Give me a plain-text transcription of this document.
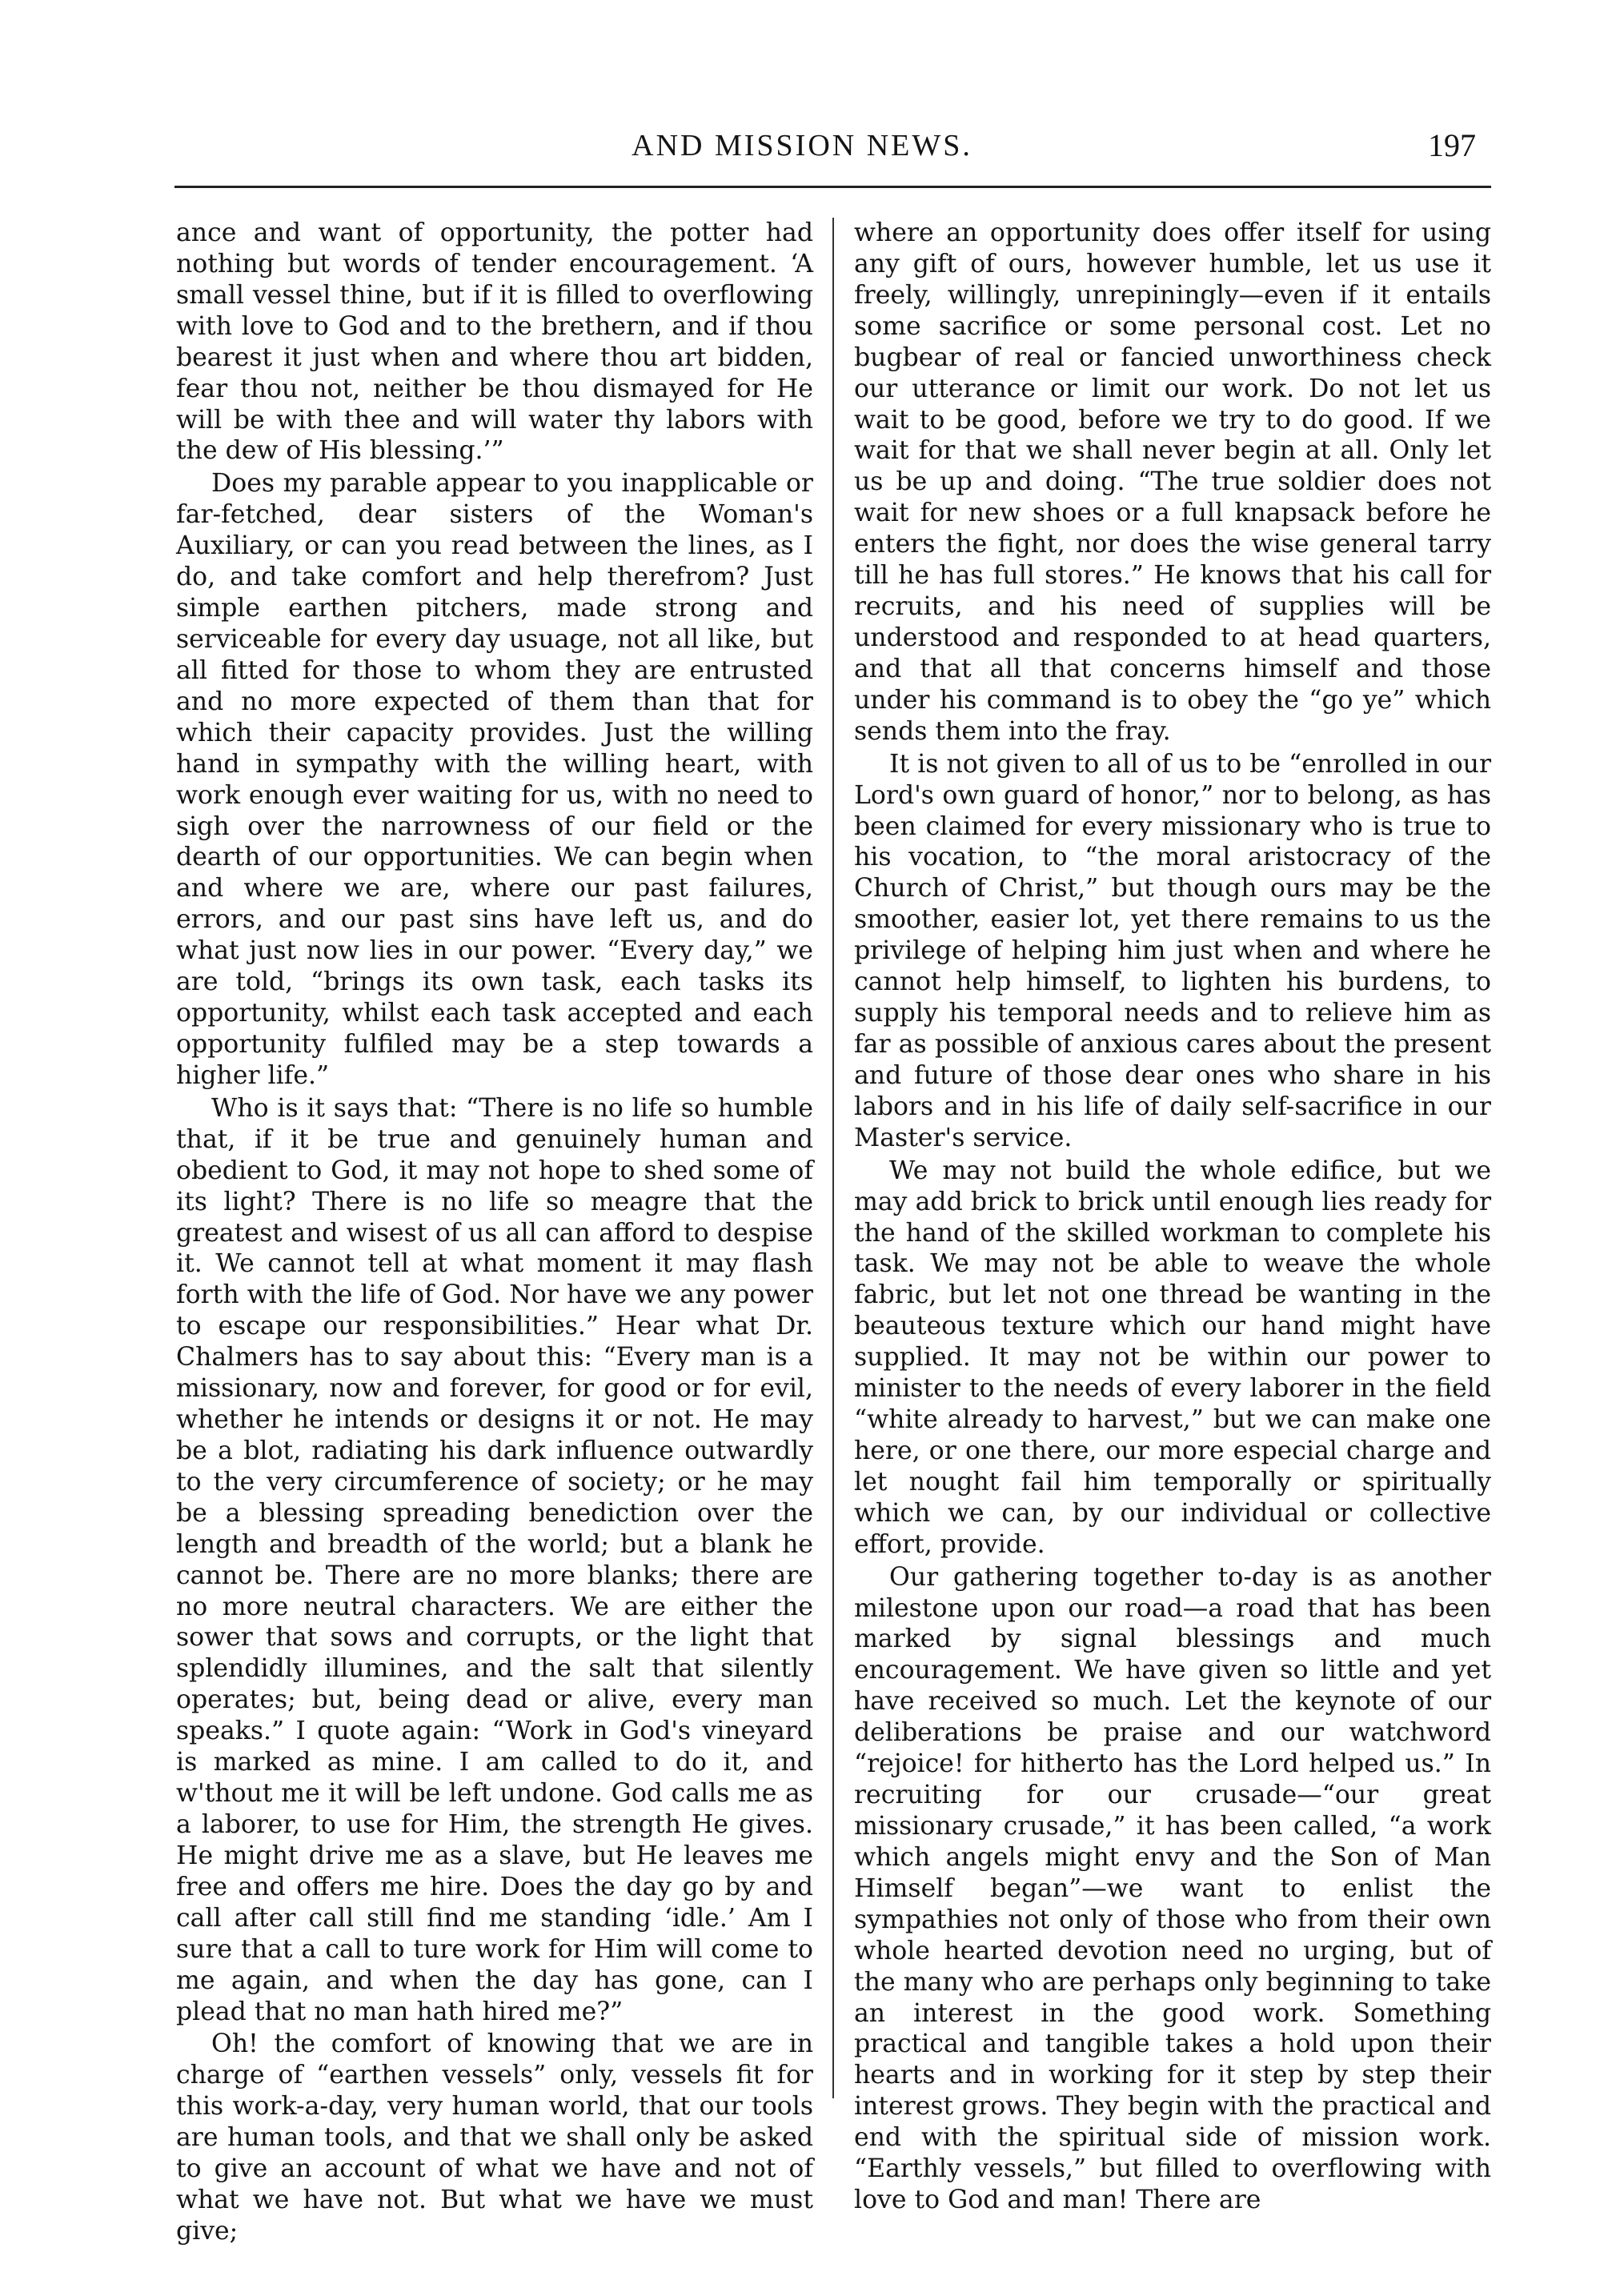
AND MISSION NEWS.	197

ance and want of opportunity, the potter had nothing but words of tender encouragement. ‘A small vessel thine, but if it is filled to overflowing with love to God and to the brethern, and if thou bearest it just when and where thou art bidden, fear thou not, neither be thou dismayed for He will be with thee and will water thy labors with the dew of His blessing.’”

Does my parable appear to you inapplicable or far-fetched, dear sisters of the Woman's Auxiliary, or can you read between the lines, as I do, and take comfort and help therefrom? Just simple earthen pitchers, made strong and serviceable for every day usuage, not all like, but all fitted for those to whom they are entrusted and no more expected of them than that for which their capacity provides. Just the willing hand in sympathy with the willing heart, with work enough ever waiting for us, with no need to sigh over the narrowness of our field or the dearth of our opportunities. We can begin when and where we are, where our past failures, errors, and our past sins have left us, and do what just now lies in our power. “Every day,” we are told, “brings its own task, each tasks its opportunity, whilst each task accepted and each opportunity fulfiled may be a step towards a higher life.”

Who is it says that: “There is no life so humble that, if it be true and genuinely human and obedient to God, it may not hope to shed some of its light? There is no life so meagre that the greatest and wisest of us all can afford to despise it. We cannot tell at what moment it may flash forth with the life of God. Nor have we any power to escape our responsibilities.” Hear what Dr. Chalmers has to say about this: “Every man is a missionary, now and forever, for good or for evil, whether he intends or designs it or not. He may be a blot, radiating his dark influence outwardly to the very circumference of society; or he may be a blessing spreading benediction over the length and breadth of the world; but a blank he cannot be. There are no more blanks; there are no more neutral characters. We are either the sower that sows and corrupts, or the light that splendidly illumines, and the salt that silently operates; but, being dead or alive, every man speaks.” I quote again: “Work in God's vineyard is marked as mine. I am called to do it, and w'thout me it will be left undone. God calls me as a laborer, to use for Him, the strength He gives. He might drive me as a slave, but He leaves me free and offers me hire. Does the day go by and call after call still find me standing ‘idle.’ Am I sure that a call to ture work for Him will come to me again, and when the day has gone, can I plead that no man hath hired me?”

Oh! the comfort of knowing that we are in charge of “earthen vessels” only, vessels fit for this work-a-day, very human world, that our tools are human tools, and that we shall only be asked to give an account of what we have and not of what we have not. But what we have we must give;

where an opportunity does offer itself for using any gift of ours, however humble, let us use it freely, willingly, unrepiningly—even if it entails some sacrifice or some personal cost. Let no bugbear of real or fancied unworthiness check our utterance or limit our work. Do not let us wait to be good, before we try to do good. If we wait for that we shall never begin at all. Only let us be up and doing. “The true soldier does not wait for new shoes or a full knapsack before he enters the fight, nor does the wise general tarry till he has full stores.” He knows that his call for recruits, and his need of supplies will be understood and responded to at head quarters, and that all that concerns himself and those under his command is to obey the “go ye” which sends them into the fray.

It is not given to all of us to be “enrolled in our Lord's own guard of honor,” nor to belong, as has been claimed for every missionary who is true to his vocation, to “the moral aristocracy of the Church of Christ,” but though ours may be the smoother, easier lot, yet there remains to us the privilege of helping him just when and where he cannot help himself, to lighten his burdens, to supply his temporal needs and to relieve him as far as possible of anxious cares about the present and future of those dear ones who share in his labors and in his life of daily self-sacrifice in our Master's service.

We may not build the whole edifice, but we may add brick to brick until enough lies ready for the hand of the skilled workman to complete his task. We may not be able to weave the whole fabric, but let not one thread be wanting in the beauteous texture which our hand might have supplied. It may not be within our power to minister to the needs of every laborer in the field “white already to harvest,” but we can make one here, or one there, our more especial charge and let nought fail him temporally or spiritually which we can, by our individual or collective effort, provide.

Our gathering together to-day is as another milestone upon our road—a road that has been marked by signal blessings and much encouragement. We have given so little and yet have received so much. Let the keynote of our deliberations be praise and our watchword “rejoice! for hitherto has the Lord helped us.” In recruiting for our crusade—“our great missionary crusade,” it has been called, “a work which angels might envy and the Son of Man Himself began”—we want to enlist the sympathies not only of those who from their own whole hearted devotion need no urging, but of the many who are perhaps only beginning to take an interest in the good work. Something practical and tangible takes a hold upon their hearts and in working for it step by step their interest grows. They begin with the practical and end with the spiritual side of mission work. “Earthly vessels,” but filled to overflowing with love to God and man! There are
